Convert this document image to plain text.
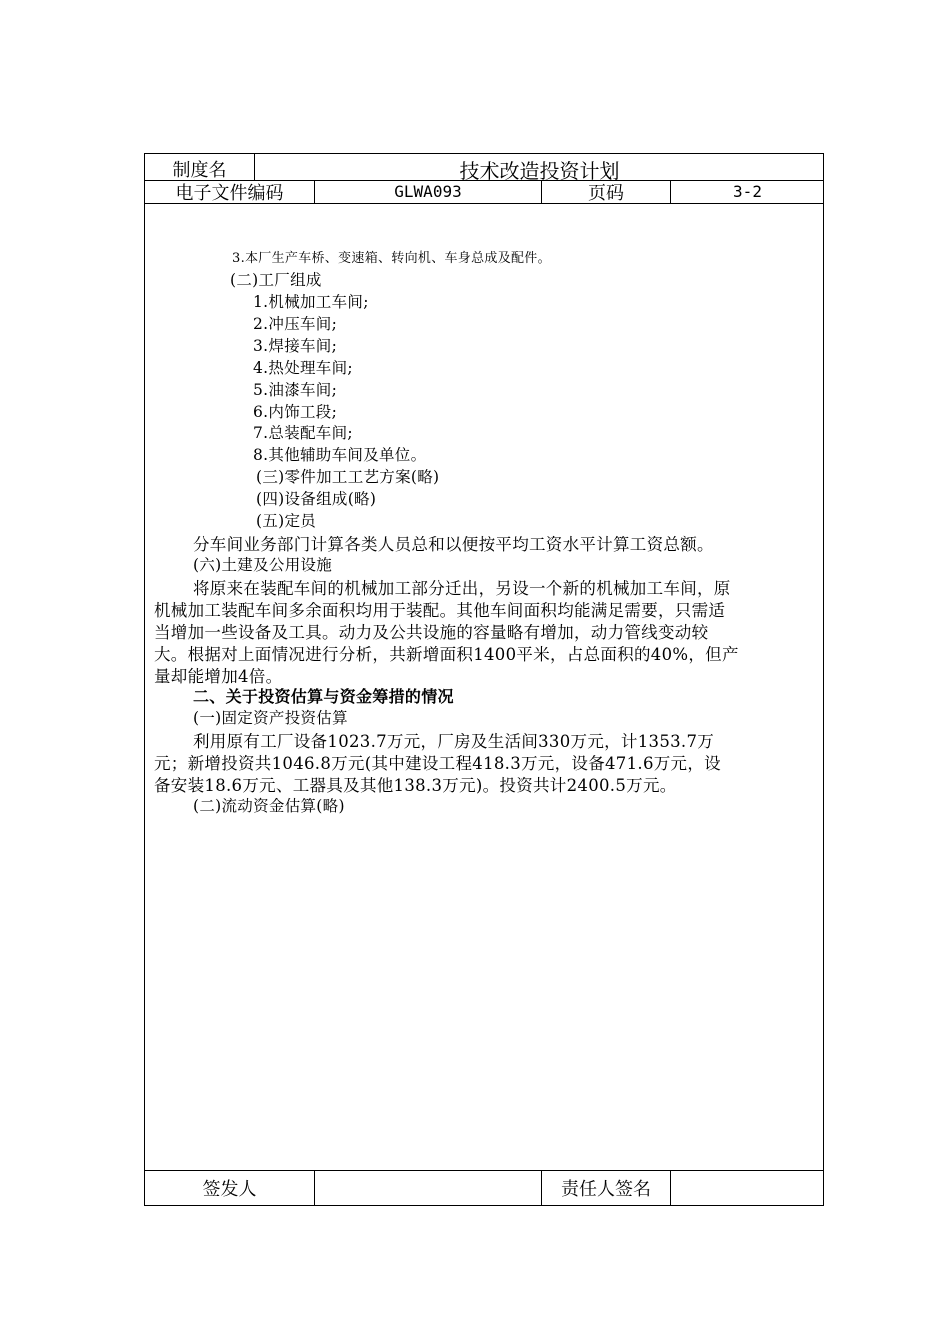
制度名	技术改造投资计划
电子文件编码	GLWA093	页码	3-2
签发人	责任人签名
3.本厂生产车桥、变速箱、转向机、车身总成及配件。
(二)工厂组成
1.机械加工车间;
2.冲压车间;
3.焊接车间;
4.热处理车间;
5.油漆车间;
6.内饰工段;
7.总装配车间;
8.其他辅助车间及单位。
(三)零件加工工艺方案(略)
(四)设备组成(略)
(五)定员
分车间业务部门计算各类人员总和以便按平均工资水平计算工资总额。
(六)土建及公用设施
将原来在装配车间的机械加工部分迁出，另设一个新的机械加工车间，原
机械加工装配车间多余面积均用于装配。其他车间面积均能满足需要，只需适
当增加一些设备及工具。动力及公共设施的容量略有增加，动力管线变动较
大。根据对上面情况进行分析，共新增面积1400平米，占总面积的40%，但产
量却能增加4倍。
二、关于投资估算与资金筹措的情况
(一)固定资产投资估算
利用原有工厂设备1023.7万元，厂房及生活间330万元，计1353.7万
元；新增投资共1046.8万元(其中建设工程418.3万元，设备471.6万元，设
备安装18.6万元、工器具及其他138.3万元)。投资共计2400.5万元。
(二)流动资金估算(略)
